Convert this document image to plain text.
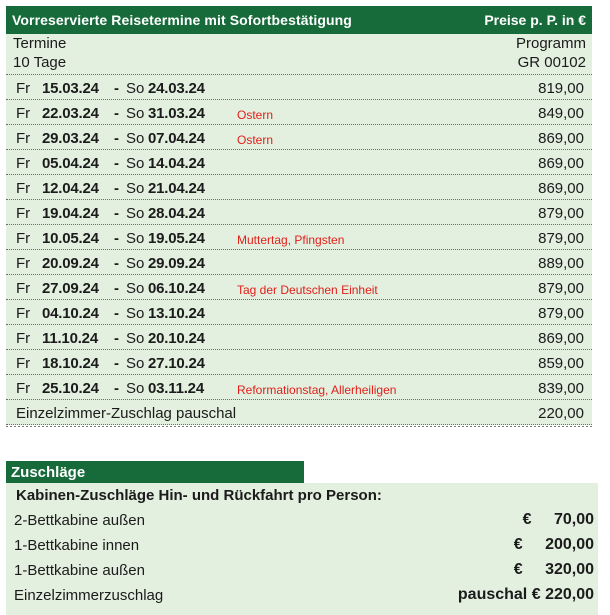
Vorreservierte Reisetermine mit Sofortbestätigung	Preise p. P. in €
Termine	Programm
10 Tage	GR 00102
Fr 15.03.24 - So 24.03.24	819,00
Fr 22.03.24 - So 31.03.24	Ostern	849,00
Fr 29.03.24 - So 07.04.24	Ostern	869,00
Fr 05.04.24 - So 14.04.24	869,00
Fr 12.04.24 - So 21.04.24	869,00
Fr 19.04.24 - So 28.04.24	879,00
Fr 10.05.24 - So 19.05.24	Muttertag, Pfingsten	879,00
Fr 20.09.24 - So 29.09.24	889,00
Fr 27.09.24 - So 06.10.24	Tag der Deutschen Einheit	879,00
Fr 04.10.24 - So 13.10.24	879,00
Fr 11.10.24 - So 20.10.24	869,00
Fr 18.10.24 - So 27.10.24	859,00
Fr 25.10.24 - So 03.11.24	Reformationstag, Allerheiligen	839,00
Einzelzimmer-Zuschlag pauschal	220,00
Zuschläge
Kabinen-Zuschläge Hin- und Rückfahrt pro Person:
2-Bettkabine außen	€ 70,00
1-Bettkabine innen	€ 200,00
1-Bettkabine außen	€ 320,00
Einzelzimmerzuschlag	pauschal € 220,00
